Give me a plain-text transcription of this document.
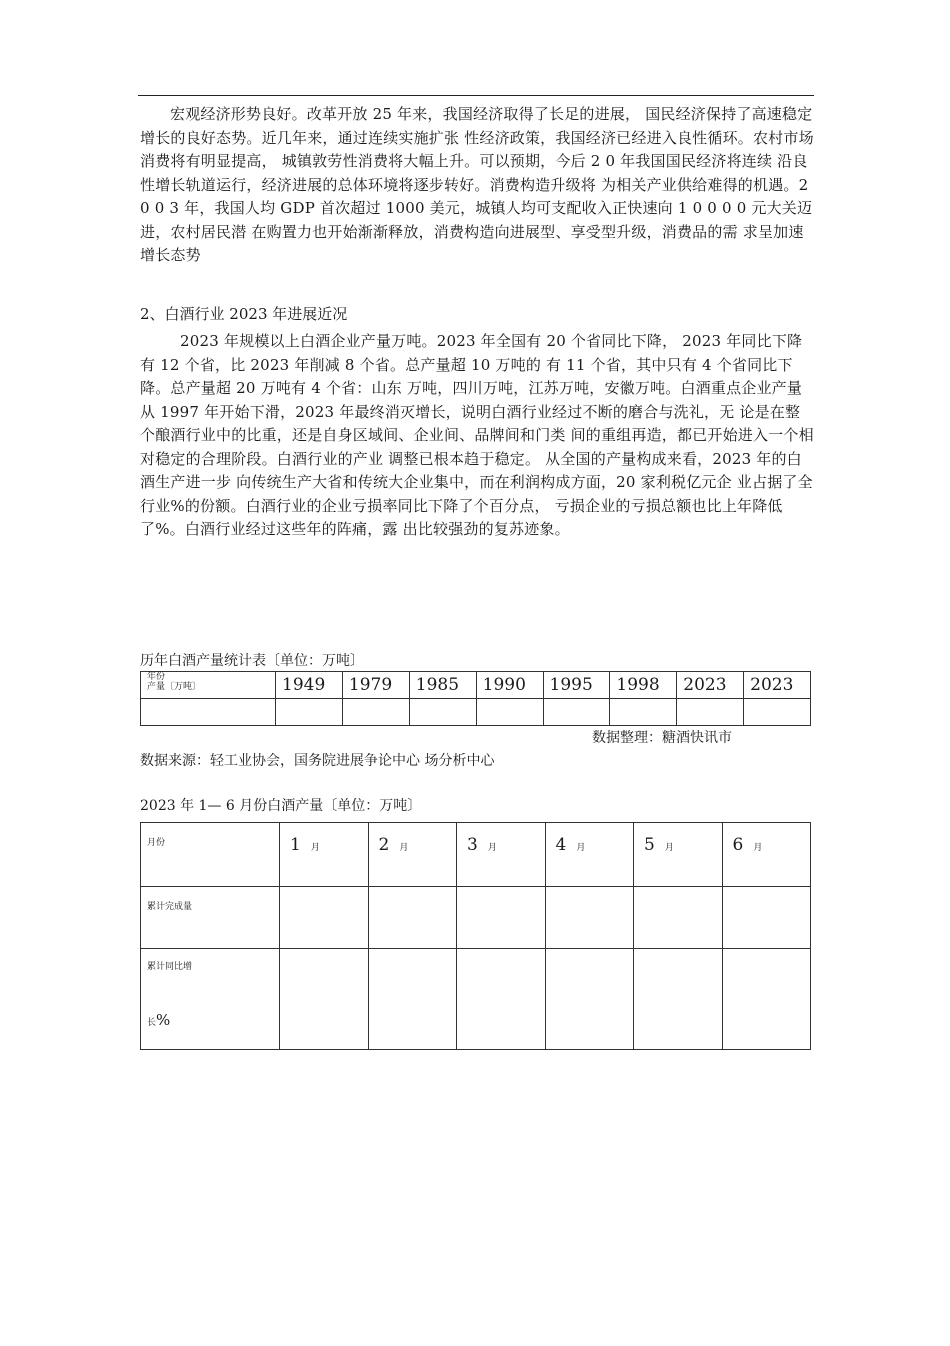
宏观经济形势良好。改革开放 25 年来，我国经济取得了长足的进展， 国民经济保持了高速稳定增长的良好态势。近几年来，通过连续实施扩张 性经济政策，我国经济已经进入良性循环。农村市场消费将有明显提高， 城镇敦劳性消费将大幅上升。可以预期，今后 2 0 年我国国民经济将连续 沿良性增长轨道运行，经济进展的总体环境将逐步转好。消费构造升级将 为相关产业供给难得的机遇。2 0 0 3 年，我国人均 GDP 首次超过 1000 美元，城镇人均可支配收入正快速向 1 0 0 0 0 元大关迈进，农村居民潜 在购置力也开始渐渐释放，消费构造向进展型、享受型升级，消费品的需 求呈加速增长态势

2、白酒行业 2023 年进展近况

2023 年规模以上白酒企业产量万吨。2023 年全国有 20 个省同比下降， 2023 年同比下降有 12 个省，比 2023 年削减 8 个省。总产量超 10 万吨的 有 11 个省，其中只有 4 个省同比下降。总产量超 20 万吨有 4 个省：山东 万吨，四川万吨，江苏万吨，安徽万吨。白酒重点企业产量从 1997 年开始下滑，2023 年最终消灭增长，说明白酒行业经过不断的磨合与洗礼，无 论是在整个酿酒行业中的比重，还是自身区域间、企业间、品牌间和门类 间的重组再造，都已开始进入一个相对稳定的合理阶段。白酒行业的产业 调整已根本趋于稳定。 从全国的产量构成来看，2023 年的白酒生产进一步 向传统生产大省和传统大企业集中，而在利润构成方面，20 家利税亿元企 业占据了全行业%的份额。白酒行业的企业亏损率同比下降了个百分点， 亏损企业的亏损总额也比上年降低了%。白酒行业经过这些年的阵痛，露 出比较强劲的复苏迹象。

历年白酒产量统计表〔单位：万吨〕
年份
产量〔万吨〕	1949	1979	1985	1990	1995	1998	2023	2023

数据整理：糖酒快讯市
数据来源：轻工业协会，国务院进展争论中心 场分析中心
2023 年 1— 6 月份白酒产量〔单位：万吨〕
月份	1 月	2 月	3 月	4 月	5 月	6 月
累计完成量						

累计同比增
长%						
